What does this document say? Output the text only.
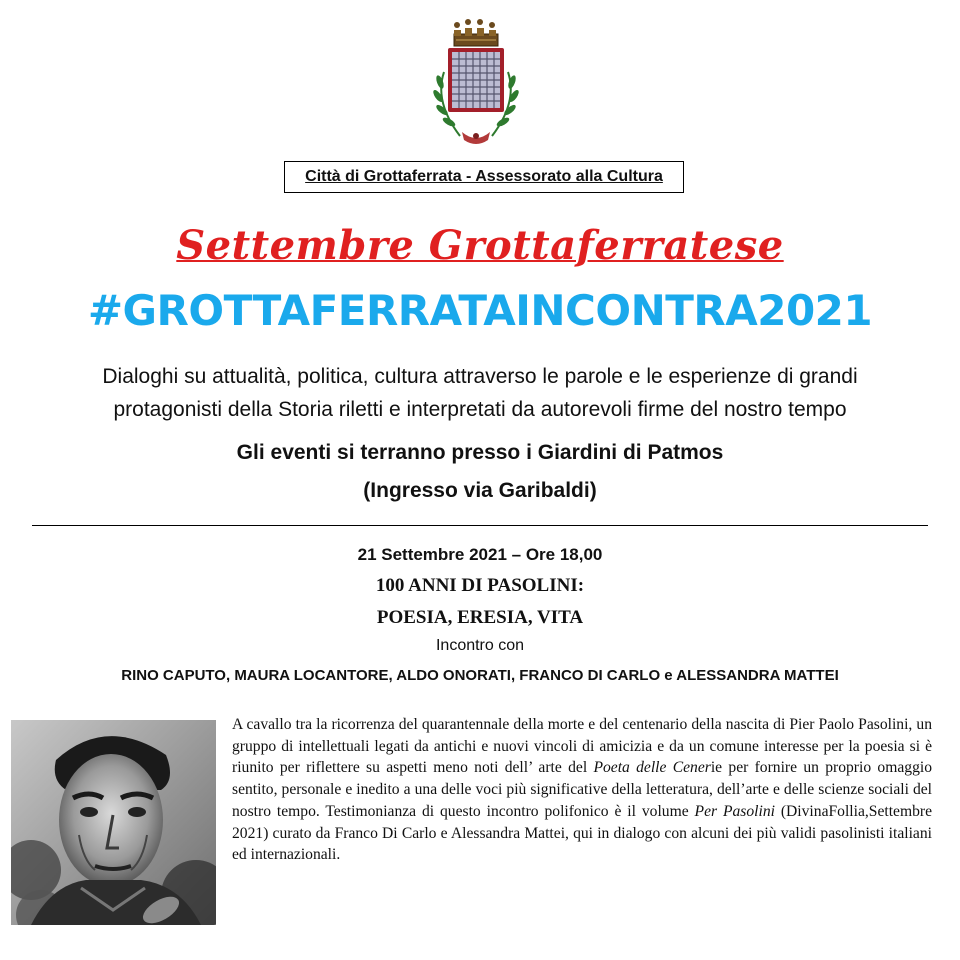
Città di Grottaferrata - Assessorato alla Cultura
Settembre Grottaferratese
#GROTTAFERRATAINCONTRA2021
Dialoghi su attualità, politica, cultura attraverso le parole e le esperienze di grandi
protagonisti della Storia riletti e interpretati da autorevoli firme del nostro tempo
Gli eventi si terranno presso i Giardini di Patmos
(Ingresso via Garibaldi)
21 Settembre 2021 – Ore 18,00
100 ANNI DI PASOLINI:
POESIA, ERESIA, VITA
Incontro con
RINO CAPUTO, MAURA LOCANTORE, ALDO ONORATI, FRANCO DI CARLO e ALESSANDRA MATTEI

A cavallo tra la ricorrenza del quarantennale della morte e del centenario della nascita di Pier Paolo Pasolini, un gruppo di intellettuali legati da antichi e nuovi vincoli di amicizia e da un comune interesse per la poesia si è riunito per riflettere su aspetti meno noti dell’ arte del Poeta delle Cenerie per fornire un proprio omaggio sentito, personale e inedito a una delle voci più significative della letteratura, dell’arte e delle scienze sociali del nostro tempo. Testimonianza di questo incontro polifonico è il volume Per Pasolini (DivinaFollia,Settembre 2021) curato da Franco Di Carlo e Alessandra Mattei, qui in dialogo con alcuni dei più validi pasolinisti italiani ed internazionali.
